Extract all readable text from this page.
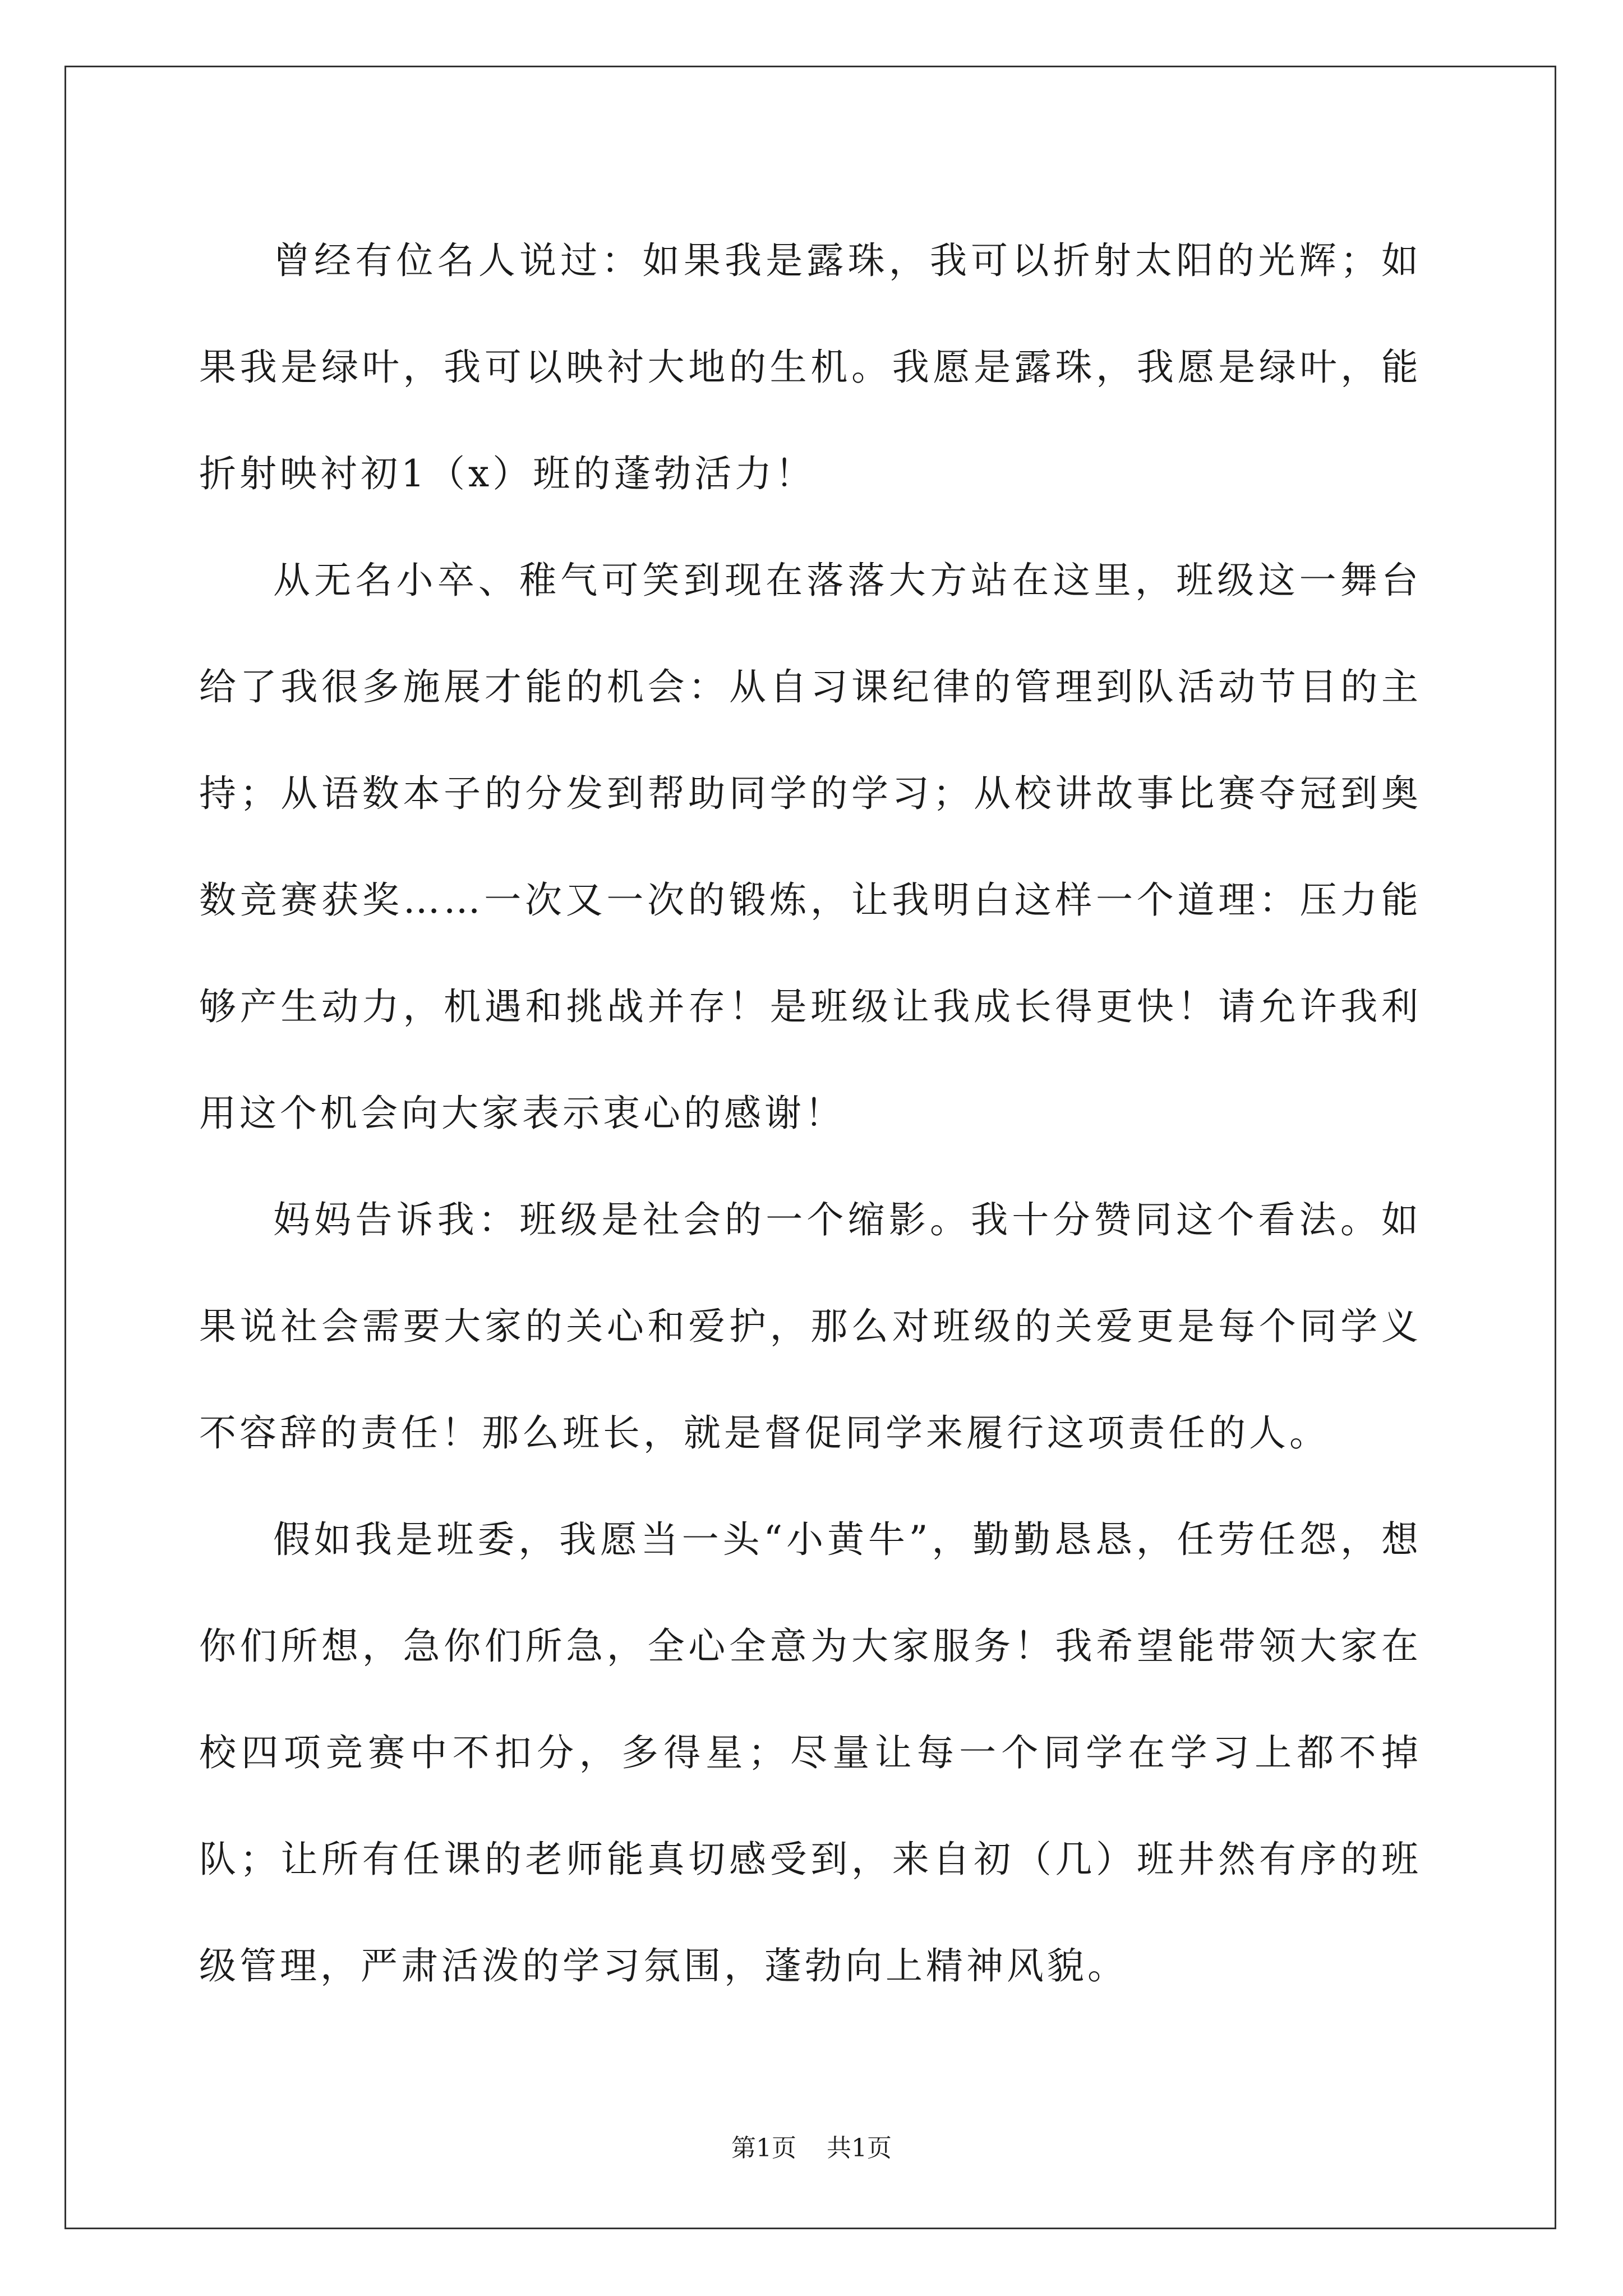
曾经有位名人说过：如果我是露珠，我可以折射太阳的光辉；如果我是绿叶，我可以映衬大地的生机。我愿是露珠，我愿是绿叶，能折射映衬初1（x）班的蓬勃活力！

从无名小卒、稚气可笑到现在落落大方站在这里，班级这一舞台给了我很多施展才能的机会：从自习课纪律的管理到队活动节目的主持；从语数本子的分发到帮助同学的学习；从校讲故事比赛夺冠到奥数竞赛获奖……一次又一次的锻炼，让我明白这样一个道理：压力能够产生动力，机遇和挑战并存！是班级让我成长得更快！请允许我利用这个机会向大家表示衷心的感谢！

妈妈告诉我：班级是社会的一个缩影。我十分赞同这个看法。如果说社会需要大家的关心和爱护，那么对班级的关爱更是每个同学义不容辞的责任！那么班长，就是督促同学来履行这项责任的人。

假如我是班委，我愿当一头“小黄牛”，勤勤恳恳，任劳任怨，想你们所想，急你们所急，全心全意为大家服务！我希望能带领大家在校四项竞赛中不扣分，多得星；尽量让每一个同学在学习上都不掉队；让所有任课的老师能真切感受到，来自初（几）班井然有序的班级管理，严肃活泼的学习氛围，蓬勃向上精神风貌。

第1页 共1页
